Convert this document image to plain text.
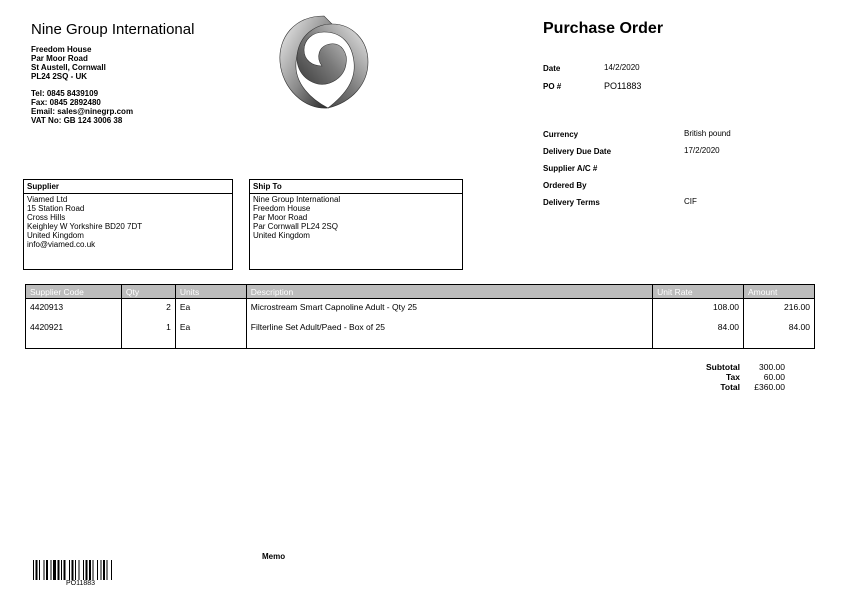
Nine Group International
Freedom House
Par Moor Road
St Austell, Cornwall
PL24 2SQ - UK
Tel: 0845 8439109
Fax: 0845 2892480
Email: sales@ninegrp.com
VAT No: GB 124 3006 38
Purchase Order
Date	14/2/2020
PO #	PO11883
Currency	British pound
Delivery Due Date	17/2/2020
Supplier A/C #
Ordered By
Delivery Terms	CIF
Supplier
Viamed Ltd
15 Station Road
Cross Hills
Keighley W Yorkshire BD20 7DT
United Kingdom
info@viamed.co.uk
Ship To
Nine Group International
Freedom House
Par Moor Road
Par Cornwall PL24 2SQ
United Kingdom
Supplier Code	Qty	Units	Description	Unit Rate	Amount
4420913	2	Ea	Microstream Smart Capnoline Adult - Qty 25	108.00	216.00
4420921	1	Ea	Filterline Set Adult/Paed - Box of 25	84.00	84.00
Subtotal	300.00
Tax	60.00
Total	£360.00
Memo
PO11883
